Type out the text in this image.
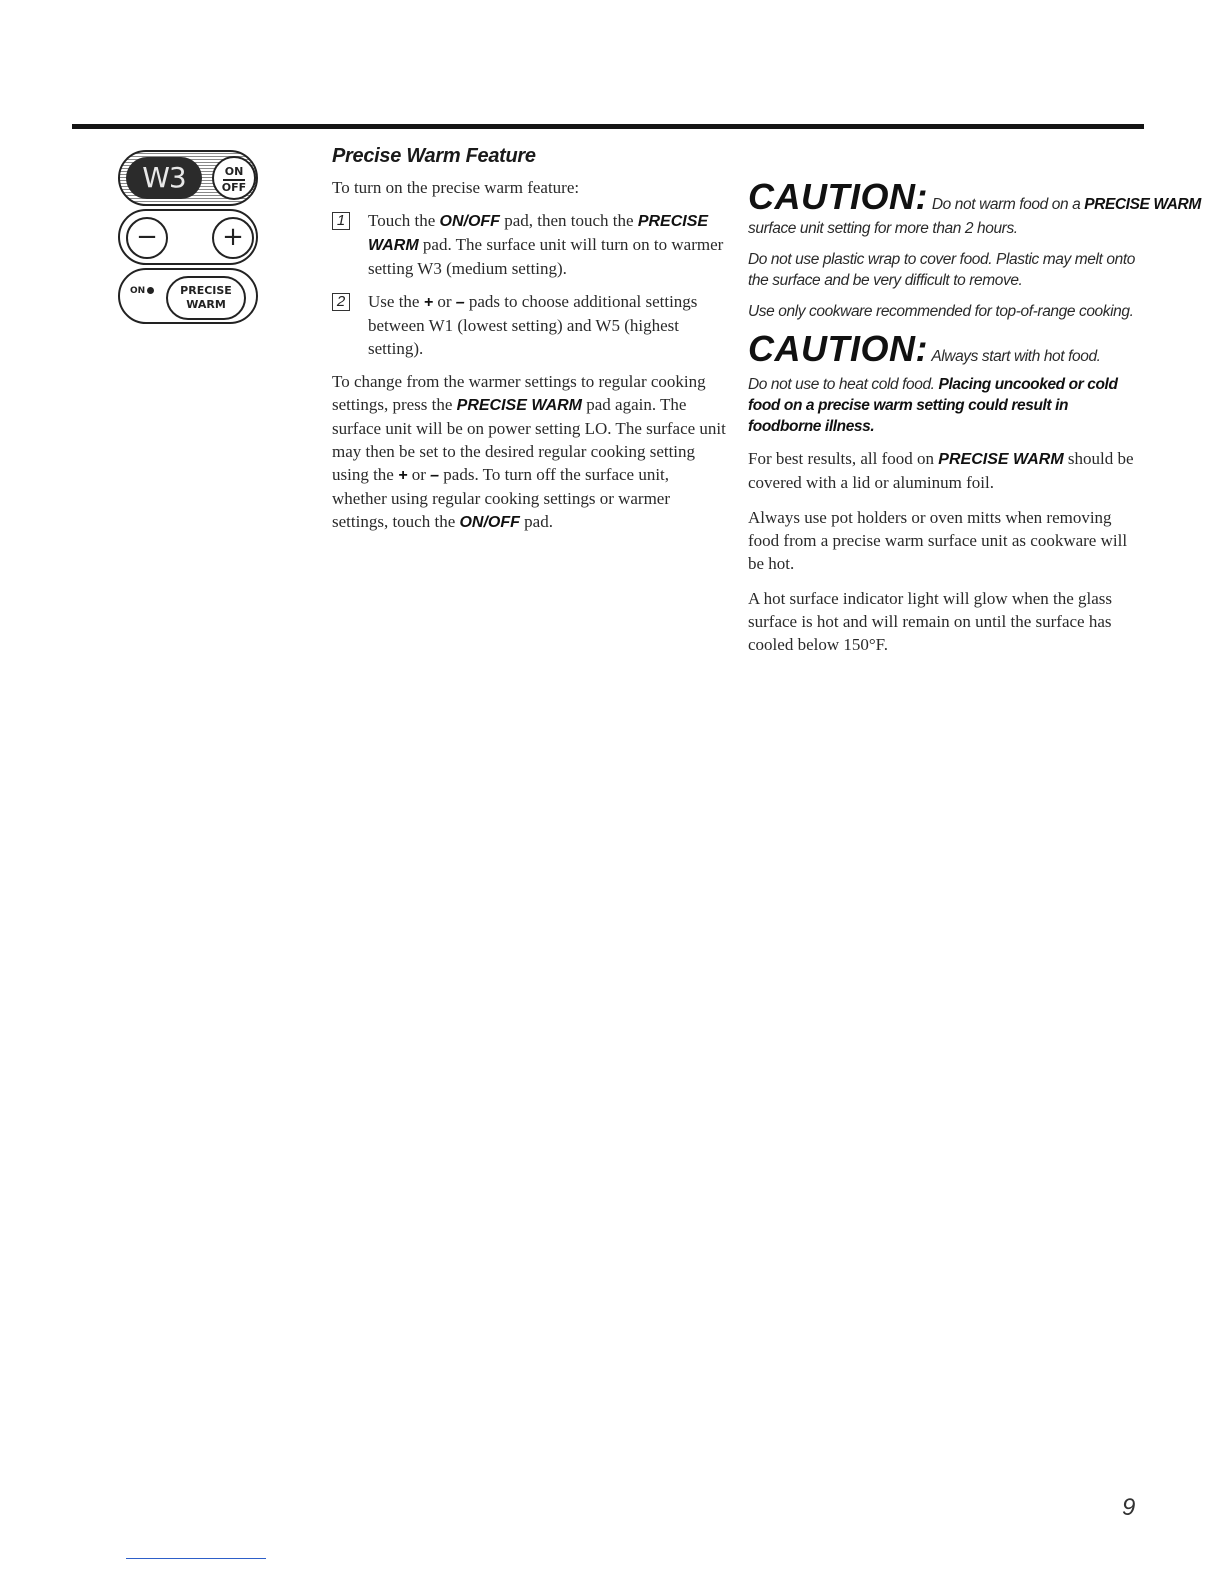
W3	ON
OFF
−	+
ON	PRECISE
WARM
Precise Warm Feature

To turn on the precise warm feature:

1 Touch the ON/OFF pad, then touch the PRECISE WARM pad. The surface unit will turn on to warmer setting W3 (medium setting).
2 Use the + or – pads to choose additional settings between W1 (lowest setting) and W5 (highest setting).

To change from the warmer settings to regular cooking settings, press the PRECISE WARM pad again. The surface unit will be on power setting LO. The surface unit may then be set to the desired regular cooking setting using the + or – pads. To turn off the surface unit, whether using regular cooking settings or warmer settings, touch the ON/OFF pad.

CAUTION: Do not warm food on a PRECISE WARM

surface unit setting for more than 2 hours.

Do not use plastic wrap to cover food. Plastic may melt onto the surface and be very difficult to remove.

Use only cookware recommended for top-of-range cooking.

CAUTION: Always start with hot food.

Do not use to heat cold food. Placing uncooked or cold food on a precise warm setting could result in foodborne illness.

For best results, all food on PRECISE WARM should be covered with a lid or aluminum foil.

Always use pot holders or oven mitts when removing food from a precise warm surface unit as cookware will be hot.

A hot surface indicator light will glow when the glass surface is hot and will remain on until the surface has cooled below 150°F.

9
